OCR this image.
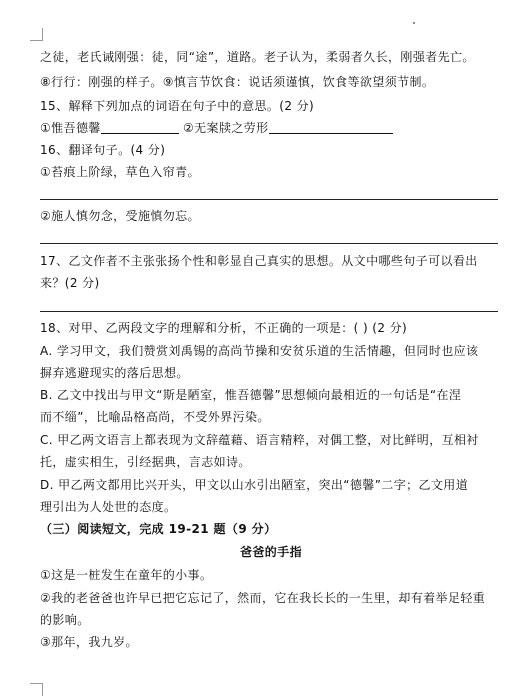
之徒，老氏诫刚强：徒，同“途”，道路。老子认为，柔弱者久长，刚强者先亡。
⑧行行：刚强的样子。⑨慎言节饮食：说话须谨慎，饮食等欲望须节制。
15、解释下列加点的词语在句子中的意思。(2 分)
①惟吾德馨	②无案牍之劳形
16、翻译句子。(4 分)
①苔痕上阶绿，草色入帘青。
②施人慎勿念，受施慎勿忘。
17、乙文作者不主张张扬个性和彰显自己真实的思想。从文中哪些句子可以看出
来？(2 分)
18、对甲、乙两段文字的理解和分析，不正确的一项是：( ) (2 分)
A. 学习甲文，我们赞赏刘禹锡的高尚节操和安贫乐道的生活情趣，但同时也应该
摒弃逃避现实的落后思想。
B. 乙文中找出与甲文“斯是陋室，惟吾德馨”思想倾向最相近的一句话是“在涅
而不缁”，比喻品格高尚，不受外界污染。
C. 甲乙两文语言上都表现为文辞蕴藉、语言精粹，对偶工整，对比鲜明，互相衬
托，虚实相生，引经据典，言志如诗。
D. 甲乙两文都用比兴开头，甲文以山水引出陋室，突出“德馨”二字；乙文用道
理引出为人处世的态度。
（三）阅读短文，完成 19-21 题（9 分）
爸爸的手指
①这是一桩发生在童年的小事。
②我的老爸爸也许早已把它忘记了，然而，它在我长长的一生里，却有着举足轻重
的影响。
③那年，我九岁。
